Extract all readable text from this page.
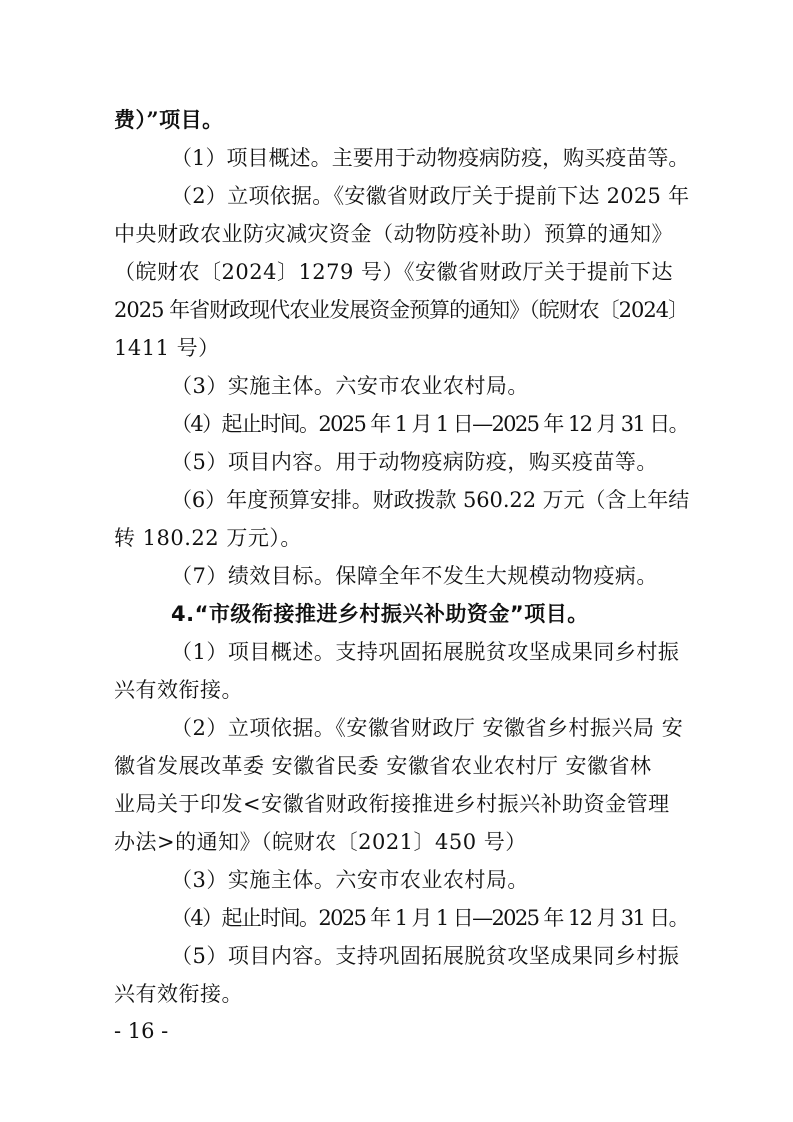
费）”项目。
（1）项目概述。主要用于动物疫病防疫，购买疫苗等。
（2）立项依据。《安徽省财政厅关于提前下达 2025 年
中央财政农业防灾减灾资金（动物防疫补助）预算的通知》
（皖财农〔2024〕1279 号）《安徽省财政厅关于提前下达
2025 年省财政现代农业发展资金预算的通知》（皖财农〔2024〕
1411 号）
（3）实施主体。六安市农业农村局。
（4）起止时间。2025 年 1 月 1 日—2025 年 12 月 31 日。
（5）项目内容。用于动物疫病防疫，购买疫苗等。
（6）年度预算安排。财政拨款 560.22 万元（含上年结
转 180.22 万元）。
（7）绩效目标。保障全年不发生大规模动物疫病。
4.“市级衔接推进乡村振兴补助资金”项目。
（1）项目概述。支持巩固拓展脱贫攻坚成果同乡村振
兴有效衔接。
（2）立项依据。《安徽省财政厅 安徽省乡村振兴局 安
徽省发展改革委 安徽省民委 安徽省农业农村厅 安徽省林
业局关于印发<安徽省财政衔接推进乡村振兴补助资金管理
办法>的通知》（皖财农〔2021〕450 号）
（3）实施主体。六安市农业农村局。
（4）起止时间。2025 年 1 月 1 日—2025 年 12 月 31 日。
（5）项目内容。支持巩固拓展脱贫攻坚成果同乡村振
兴有效衔接。
- 16 -
